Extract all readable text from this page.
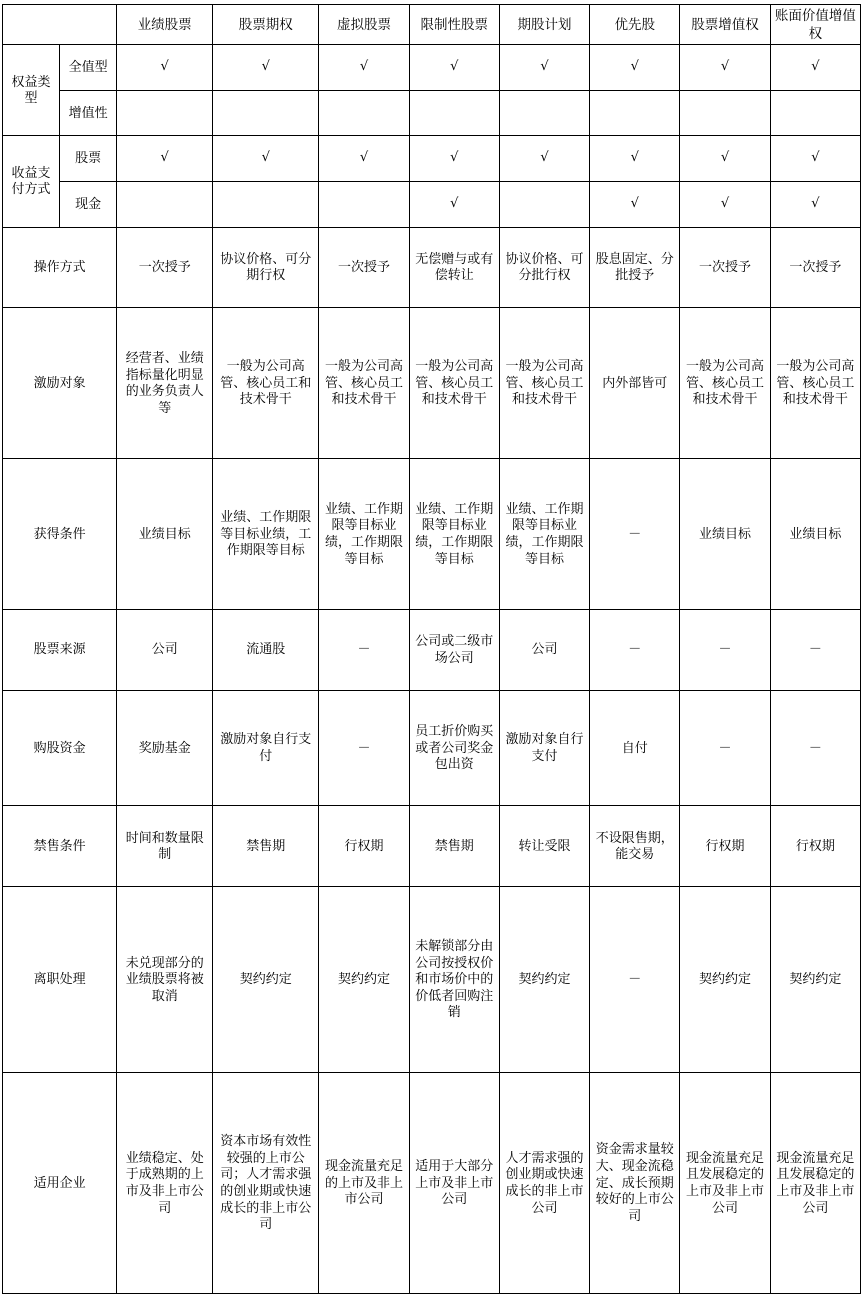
		业绩股票	股票期权	虚拟股票	限制性股票	期股计划	优先股	股票增值权	账面价值增值权
权益类型	全值型	√	√	√	√	√	√	√	√
	增值性								
收益支付方式	股票	√	√	√	√	√	√	√	√
	现金				√		√	√	√
操作方式		一次授予	协议价格、可分期行权	一次授予	无偿赠与或有偿转让	协议价格、可分批行权	股息固定、分批授予	一次授予	一次授予
激励对象		经营者、业绩指标量化明显的业务负责人等	一般为公司高管、核心员工和技术骨干	一般为公司高管、核心员工和技术骨干	一般为公司高管、核心员工和技术骨干	一般为公司高管、核心员工和技术骨干	内外部皆可	一般为公司高管、核心员工和技术骨干	一般为公司高管、核心员工和技术骨干
获得条件		业绩目标	业绩、工作期限等目标业绩，工作期限等目标	业绩、工作期限等目标业绩，工作期限等目标	业绩、工作期限等目标业绩，工作期限等目标	业绩、工作期限等目标业绩，工作期限等目标	－	业绩目标	业绩目标
股票来源		公司	流通股	－	公司或二级市场公司	公司	－	－	－
购股资金		奖励基金	激励对象自行支付	－	员工折价购买或者公司奖金包出资	激励对象自行支付	自付	－	－
禁售条件		时间和数量限制	禁售期	行权期	禁售期	转让受限	不设限售期，能交易	行权期	行权期
离职处理		未兑现部分的业绩股票将被取消	契约约定	契约约定	未解锁部分由公司按授权价和市场价中的价低者回购注销	契约约定	－	契约约定	契约约定
适用企业		业绩稳定、处于成熟期的上市及非上市公司	资本市场有效性较强的上市公司；人才需求强的创业期或快速成长的非上市公司	现金流量充足的上市及非上市公司	适用于大部分上市及非上市公司	人才需求强的创业期或快速成长的非上市公司	资金需求量较大、现金流稳定、成长预期较好的上市公司	现金流量充足且发展稳定的上市及非上市公司	现金流量充足且发展稳定的上市及非上市公司
